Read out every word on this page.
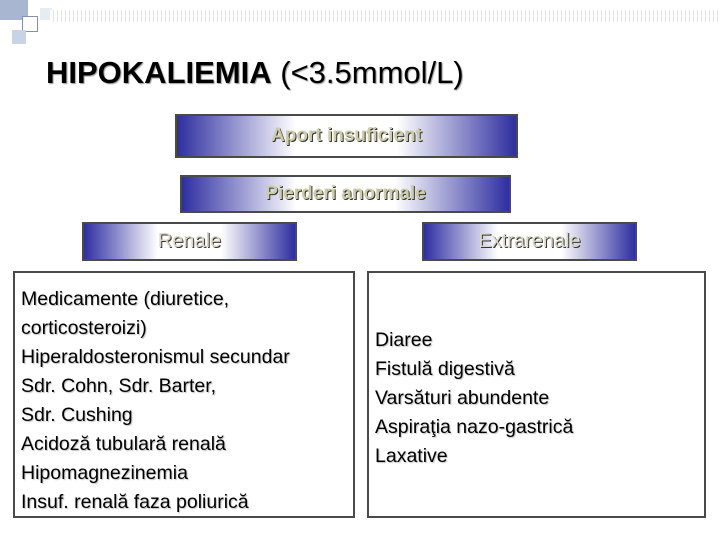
HIPOKALIEMIA (<3.5mmol/L)
Aport insuficient
Pierderi anormale
Renale	Extrarenale
Medicamente (diuretice,
corticosteroizi)
Hiperaldosteronismul secundar
Sdr. Cohn, Sdr. Barter,
Sdr. Cushing
Acidoză tubulară renală
Hipomagnezinemia
Insuf. renală faza poliurică
Diaree
Fistulă digestivă
Varsături abundente
Aspiraţia nazo-gastrică
Laxative
